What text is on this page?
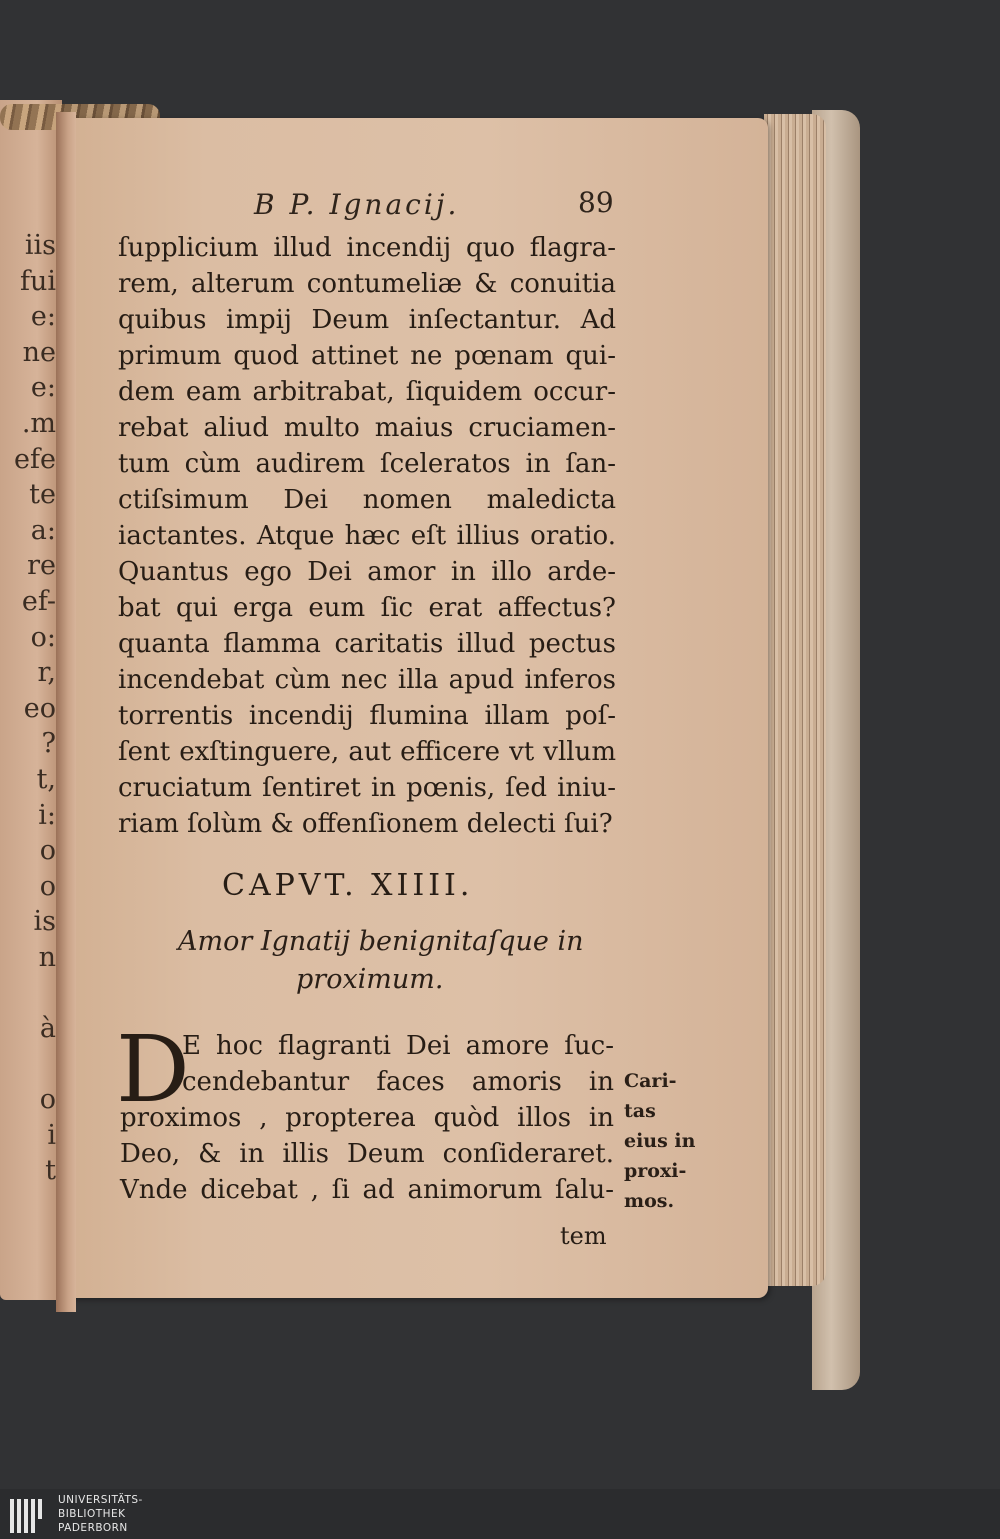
iis
fui
e:
ne
e:
.m
efe
te
a:
re
ef-
o:
r,
eo
?
t,
i:
o
o
is
n
à
o
i
t
B P. Ignacij.	89
ſupplicium illud incendij quo flagra-
rem, alterum contumeliæ & conuitia
quibus impij Deum inſectantur. Ad
primum quod attinet ne pœnam qui-
dem eam arbitrabat, ſiquidem occur-
rebat aliud multo maius cruciamen-
tum cùm audirem ſceleratos in ſan-
ctiſsimum Dei nomen maledicta
iactantes. Atque hæc eſt illius oratio.
Quantus ego Dei amor in illo arde-
bat qui erga eum ſic erat affectus?
quanta flamma caritatis illud pectus
incendebat cùm nec illa apud inferos
torrentis incendij flumina illam poſ-
ſent exſtinguere, aut efficere vt vllum
cruciatum ſentiret in pœnis, ſed iniu-
riam ſolùm & offenſionem delecti ſui?
CAPVT. XIIII.
Amor Ignatij benignitaſque in
proximum.
D
E hoc flagranti Dei amore ſuc-
cendebantur faces amoris in
proximos , propterea quòd illos in
Deo, & in illis Deum conſideraret.
Vnde dicebat , ſi ad animorum ſalu-
tem
Cari-
tas
eius in
proxi-
mos.
UNIVERSITÄTS-
BIBLIOTHEK
PADERBORN
